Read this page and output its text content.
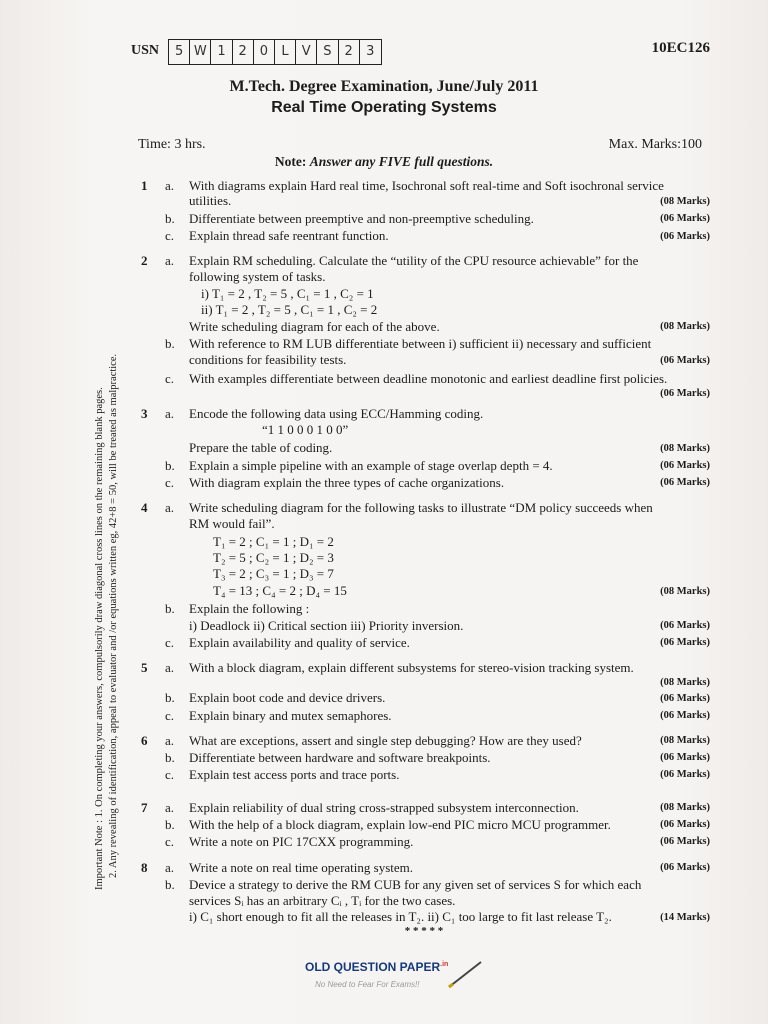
USN	5 W 1 2 0	L	V S 2	3	10EC126
M.Tech. Degree Examination, June/July 2011
Real Time Operating Systems
Time: 3 hrs.	Max. Marks:100
Note: Answer any FIVE full questions.
Important Note : 1. On completing your answers, compulsorily draw diagonal cross lines on the remaining blank pages. 2. Any revealing of identification, appeal to evaluator and /or equations written eg, 42+8 = 50, will be treated as malpractice.
1 a. With diagrams explain Hard real time, Isochronal soft real-time and Soft isochronal service
utilities.	(08 Marks)
b. Differentiate between preemptive and non-preemptive scheduling.	(06 Marks)
c. Explain thread safe reentrant function.	(06 Marks)
2 a. Explain RM scheduling. Calculate the “utility of the CPU resource achievable” for the
following system of tasks.
i) T₁ = 2 , T₂ = 5 , C₁ = 1 , C₂ = 1
ii) T₁ = 2 , T₂ = 5 , C₁ = 1 , C₂ = 2
Write scheduling diagram for each of the above.	(08 Marks)
b. With reference to RM LUB differentiate between i) sufficient ii) necessary and sufficient
conditions for feasibility tests.	(06 Marks)
c. With examples differentiate between deadline monotonic and earliest deadline first policies.
(06 Marks)
3 a. Encode the following data using ECC/Hamming coding.
“1 1 0 0 0 1 0 0”
Prepare the table of coding.	(08 Marks)
b. Explain a simple pipeline with an example of stage overlap depth = 4.	(06 Marks)
c. With diagram explain the three types of cache organizations.	(06 Marks)
4 a. Write scheduling diagram for the following tasks to illustrate “DM policy succeeds when
RM would fail”.
T₁ = 2 ; C₁ = 1 ; D₁ = 2
T₂ = 5 ; C₂ = 1 ; D₂ = 3
T₃ = 2 ; C₃ = 1 ; D₃ = 7
T₄ = 13 ; C₄ = 2 ; D₄ = 15	(08 Marks)
b. Explain the following :
i) Deadlock ii) Critical section iii) Priority inversion.	(06 Marks)
c. Explain availability and quality of service.	(06 Marks)
5 a. With a block diagram, explain different subsystems for stereo-vision tracking system.
(08 Marks)
b. Explain boot code and device drivers.	(06 Marks)
c. Explain binary and mutex semaphores.	(06 Marks)
6 a. What are exceptions, assert and single step debugging? How are they used?	(08 Marks)
b. Differentiate between hardware and software breakpoints.	(06 Marks)
c. Explain test access ports and trace ports.	(06 Marks)
7 a. Explain reliability of dual string cross-strapped subsystem interconnection.	(08 Marks)
b. With the help of a block diagram, explain low-end PIC micro MCU programmer.	(06 Marks)
c. Write a note on PIC 17CXX programming.	(06 Marks)
8 a. Write a note on real time operating system.	(06 Marks)
b. Device a strategy to derive the RM CUB for any given set of services S for which each
services Sᵢ has an arbitrary Cᵢ , Tᵢ for the two cases.
i) C₁ short enough to fit all the releases in T₂. ii) C₁ too large to fit last release T₂.	(14 Marks)
* * * * *
OLD QUESTION $PAPER^{.in}$
No Need to Fear For Exams!!
